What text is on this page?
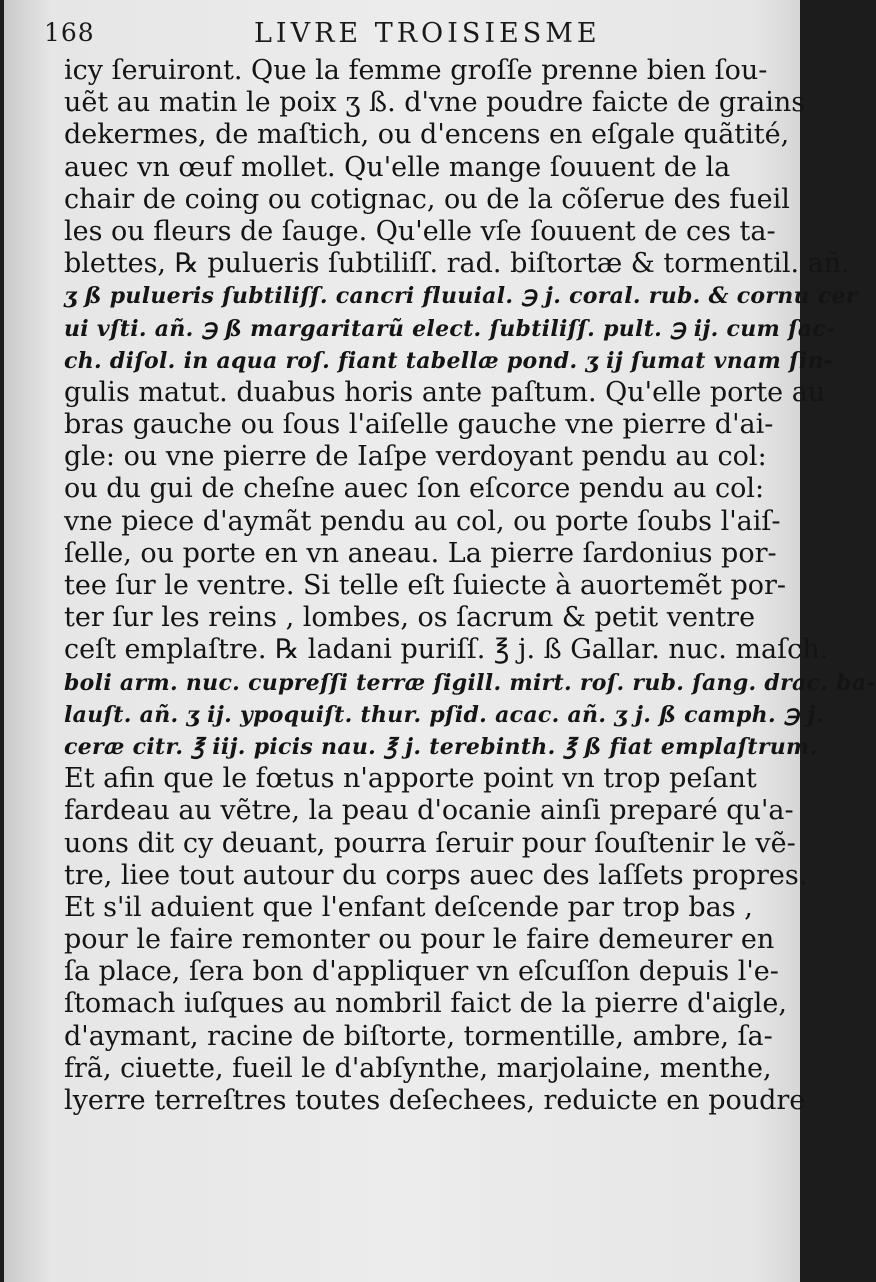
168	LIVRE TROISIESME
icy ſeruiront. Que la femme groſſe prenne bien ſou-
uẽt au matin le poix ʒ ß. d'vne poudre faicte de grains
dekermes, de maſtich, ou d'encens en eſgale quãtité,
auec vn œuf mollet. Qu'elle mange ſouuent de la
chair de coing ou cotignac, ou de la cõſerue des fueil
les ou fleurs de ſauge. Qu'elle vſe ſouuent de ces ta-
blettes, ℞ pulueris ſubtiliſſ. rad. biſtortæ & tormentil. añ.
ʒ ß pulueris ſubtiliſſ. cancri fluuial. ℈ j. coral. rub. & cornu cer
ui vſti. añ. ℈ ß margaritarũ elect. ſubtiliſſ. pult. ℈ ij. cum ſac-
ch. diſol. in aqua roſ. fiant tabellæ pond. ʒ ij ſumat vnam ſin-
gulis matut. duabus horis ante paſtum. Qu'elle porte au
bras gauche ou ſous l'aiſelle gauche vne pierre d'ai-
gle: ou vne pierre de Iaſpe verdoyant pendu au col:
ou du gui de cheſne auec ſon eſcorce pendu au col:
vne piece d'aymãt pendu au col, ou porte ſoubs l'aiſ-
ſelle, ou porte en vn aneau. La pierre ſardonius por-
tee ſur le ventre. Si telle eſt ſuiecte à auortemẽt por-
ter ſur les reins , lombes, os ſacrum & petit ventre
ceſt emplaſtre. ℞ ladani puriſſ. ℥ j. ß Gallar. nuc. maſch.
boli arm. nuc. cupreſſi terræ ſigill. mirt. roſ. rub. ſang. drac. ba-
lauſt. añ. ʒ ij. ypoquiſt. thur. pſid. acac. añ. ʒ j. ß camph. ℈ j.
ceræ citr. ℥ iij. picis nau. ℥ j. terebinth. ℥ ß fiat emplaſtrum.
Et afin que le fœtus n'apporte point vn trop peſant
fardeau au vẽtre, la peau d'ocanie ainſi preparé qu'a-
uons dit cy deuant, pourra ſeruir pour ſouſtenir le vẽ-
tre, liee tout autour du corps auec des laſſets propres.
Et s'il aduient que l'enfant deſcende par trop bas ,
pour le faire remonter ou pour le faire demeurer en
ſa place, ſera bon d'appliquer vn eſcuſſon depuis l'e-
ſtomach iuſques au nombril faict de la pierre d'aigle,
d'aymant, racine de biſtorte, tormentille, ambre, ſa-
frã, ciuette, fueil le d'abſynthe, marjolaine, menthe,
lyerre terreſtres toutes deſechees, reduicte en poudre
